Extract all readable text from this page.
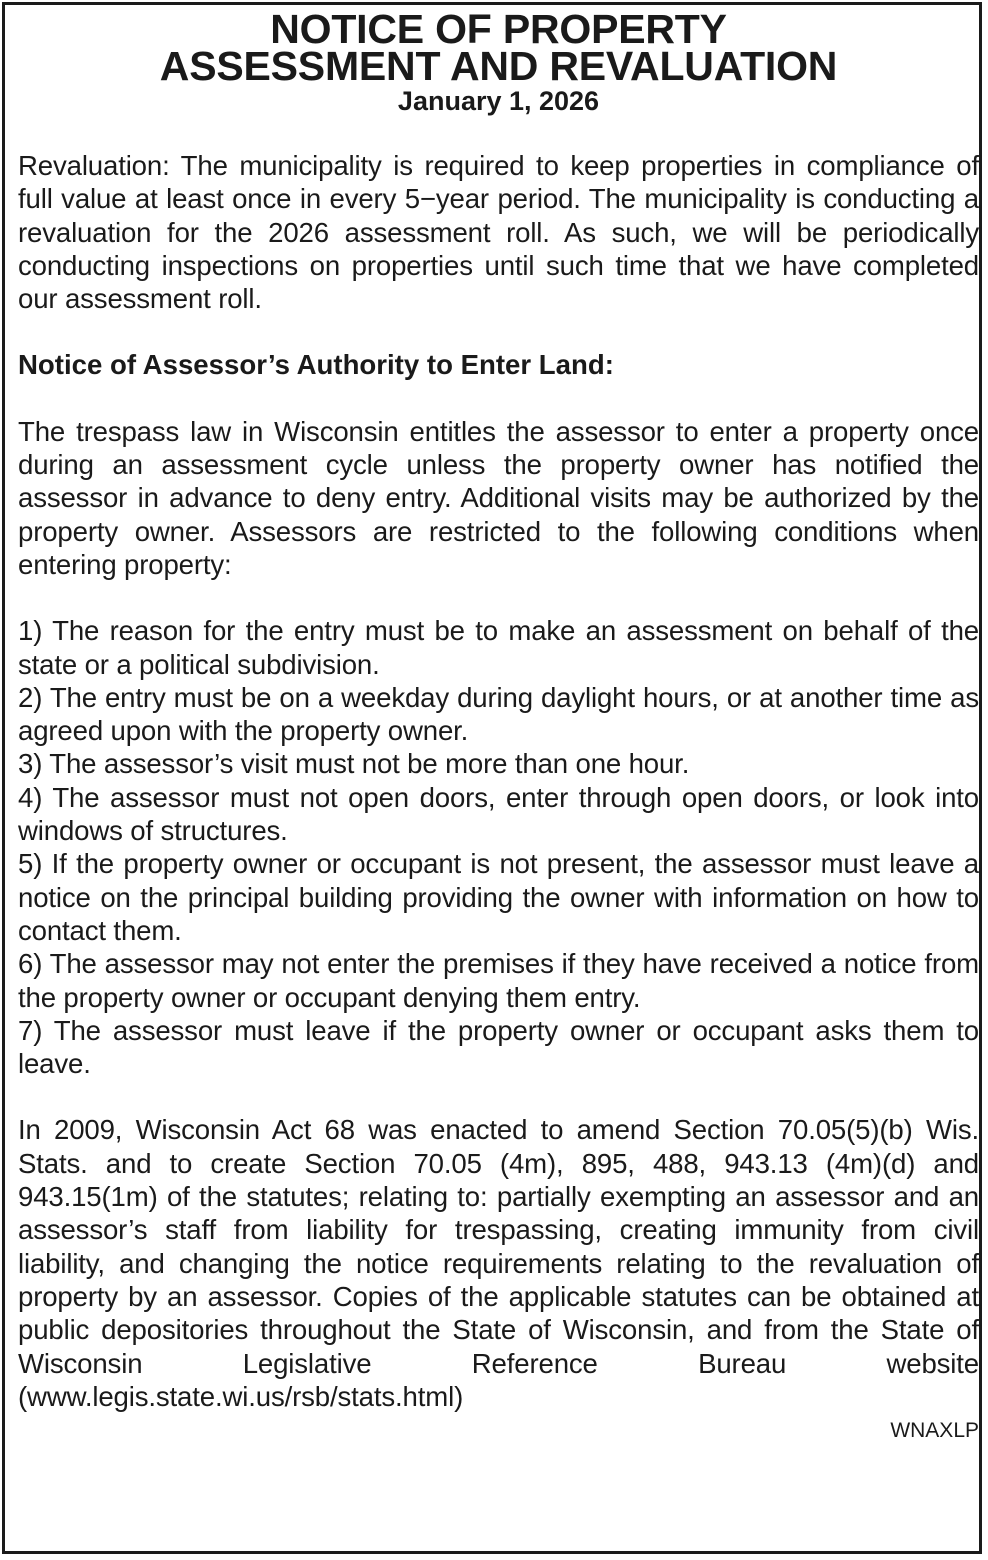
NOTICE OF PROPERTY
ASSESSMENT AND REVALUATION

January 1, 2026

Revaluation: The municipality is required to keep properties in compliance of full value at least once in every 5−year period. The municipality is conducting a revaluation for the 2026 assessment roll. As such, we will be periodically conducting inspections on properties until such time that we have completed our assessment roll.

Notice of Assessor’s Authority to Enter Land:

The trespass law in Wisconsin entitles the assessor to enter a property once during an assessment cycle unless the property owner has notified the assessor in advance to deny entry. Additional visits may be authorized by the property owner. Assessors are restricted to the following conditions when entering property:

1) The reason for the entry must be to make an assessment on behalf of the state or a political subdivision.
2) The entry must be on a weekday during daylight hours, or at another time as agreed upon with the property owner.
3) The assessor’s visit must not be more than one hour.
4) The assessor must not open doors, enter through open doors, or look into windows of structures.
5) If the property owner or occupant is not present, the assessor must leave a notice on the principal building providing the owner with information on how to contact them.
6) The assessor may not enter the premises if they have received a notice from the property owner or occupant denying them entry.
7) The assessor must leave if the property owner or occupant asks them to leave.

In 2009, Wisconsin Act 68 was enacted to amend Section 70.05(5)(b) Wis. Stats. and to create Section 70.05 (4m), 895, 488, 943.13 (4m)(d) and 943.15(1m) of the statutes; relating to: partially exempting an assessor and an assessor’s staff from liability for trespassing, creating immunity from civil liability, and changing the notice requirements relating to the revaluation of property by an assessor. Copies of the applicable statutes can be obtained at public depositories throughout the State of Wisconsin, and from the State of Wisconsin Legislative Reference Bureau website (www.legis.state.wi.us/rsb/stats.html)

WNAXLP
